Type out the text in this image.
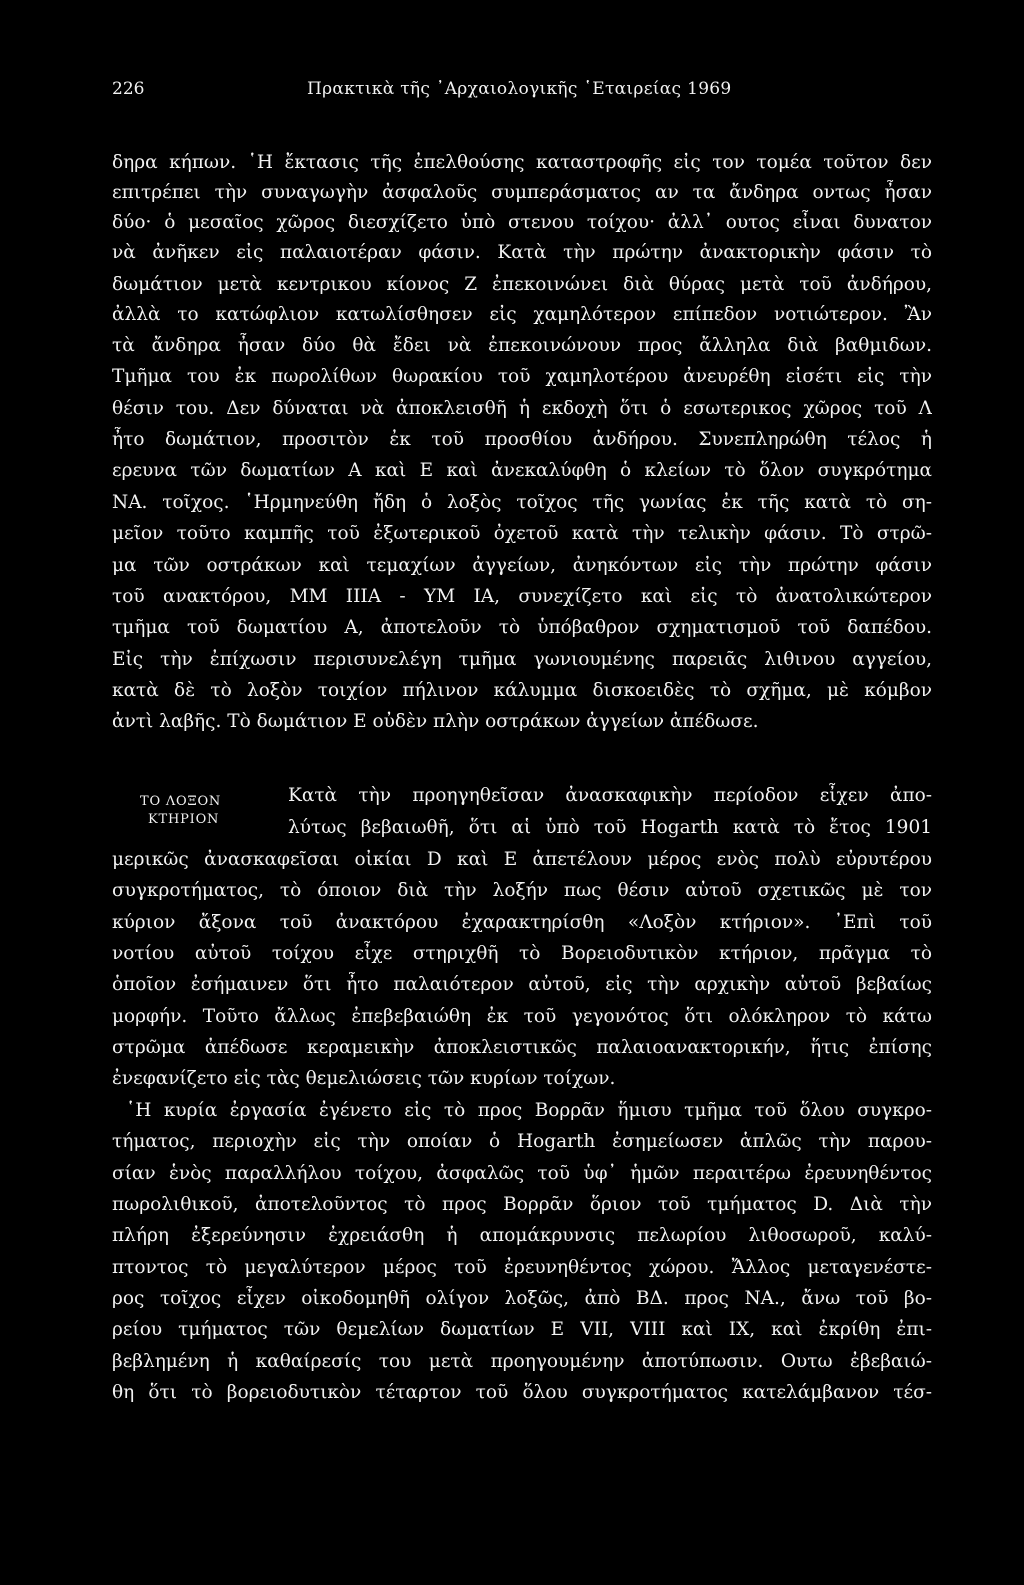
226	Πρακτικὰ τῆς ᾿Αρχαιολογικῆς ῾Εταιρείας 1969
δηρα κήπων. ῾Η ἔκτασις τῆς ἐπελθούσης καταστροφῆς εἰς τον τομέα τοῦτον δεν
επιτρέπει τὴν συναγωγὴν ἀσφαλοῦς συμπεράσματος αν τα ἄνδηρα οντως ἦσαν
δύο· ὁ μεσαῖος χῶρος διεσχίζετο ὑπὸ στενου τοίχου· ἀλλ᾿ ουτος εἶναι δυνατον
νὰ ἀνῆκεν εἰς παλαιοτέραν φάσιν. Κατὰ τὴν πρώτην ἀνακτορικὴν φάσιν τὸ
δωμάτιον μετὰ κεντρικου κίονος Ζ ἐπεκοινώνει διὰ θύρας μετὰ τοῦ ἀνδήρου,
ἀλλὰ το κατώφλιον κατωλίσθησεν εἰς χαμηλότερον επίπεδον νοτιώτερον. Ἂν
τὰ ἄνδηρα ἦσαν δύο θὰ ἔδει νὰ ἐπεκοινώνουν προς ἄλληλα διὰ βαθμιδων.
Τμῆμα του ἐκ πωρολίθων θωρακίου τοῦ χαμηλοτέρου ἀνευρέθη εἰσέτι εἰς τὴν
θέσιν του. Δεν δύναται νὰ ἀποκλεισθῆ ἡ εκδοχὴ ὅτι ὁ εσωτερικος χῶρος τοῦ Λ
ἦτο δωμάτιον, προσιτὸν ἐκ τοῦ προσθίου ἀνδήρου. Συνεπληρώθη τέλος ἡ
ερευνα τῶν δωματίων Α καὶ Ε καὶ ἀνεκαλύφθη ὁ κλείων τὸ ὅλον συγκρότημα
ΝΑ. τοῖχος. ῾Ηρμηνεύθη ἤδη ὁ λοξὸς τοῖχος τῆς γωνίας ἐκ τῆς κατὰ τὸ ση-
μεῖον τοῦτο καμπῆς τοῦ ἐξωτερικοῦ ὀχετοῦ κατὰ τὴν τελικὴν φάσιν. Τὸ στρῶ-
μα τῶν οστράκων καὶ τεμαχίων ἀγγείων, ἀνηκόντων εἰς τὴν πρώτην φάσιν
τοῦ ανακτόρου, ΜΜ ΙΙΙΑ - ΥΜ ΙΑ, συνεχίζετο καὶ εἰς τὸ ἀνατολικώτερον
τμῆμα τοῦ δωματίου Α, ἀποτελοῦν τὸ ὑπόβαθρον σχηματισμοῦ τοῦ δαπέδου.
Εἰς τὴν ἐπίχωσιν περισυνελέγη τμῆμα γωνιουμένης παρειᾶς λιθινου αγγείου,
κατὰ δὲ τὸ λοξὸν τοιχίον πήλινον κάλυμμα δισκοειδὲς τὸ σχῆμα, μὲ κόμβον
ἀντὶ λαβῆς. Τὸ δωμάτιον Ε οὐδὲν πλὴν οστράκων ἀγγείων ἀπέδωσε.
ΤΟ ΛΟΞΟΝ
ΚΤΗΡΙΟΝ
Κατὰ τὴν προηγηθεῖσαν ἀνασκαφικὴν περίοδον εἶχεν ἀπο-
λύτως βεβαιωθῆ, ὅτι αἱ ὑπὸ τοῦ Hogarth κατὰ τὸ ἔτος 1901
μερικῶς ἀνασκαφεῖσαι οἰκίαι D καὶ Ε ἀπετέλουν μέρος ενὸς πολὺ εὐρυτέρου
συγκροτήματος, τὸ όποιον διὰ τὴν λοξήν πως θέσιν αὐτοῦ σχετικῶς μὲ τον
κύριον ἄξονα τοῦ ἀνακτόρου ἐχαρακτηρίσθη «Λοξὸν κτήριον». ᾿Επὶ τοῦ
νοτίου αὐτοῦ τοίχου εἶχε στηριχθῆ τὸ Βορειοδυτικὸν κτήριον, πρᾶγμα τὸ
ὁποῖον ἐσήμαινεν ὅτι ἦτο παλαιότερον αὐτοῦ, εἰς τὴν αρχικὴν αὐτοῦ βεβαίως
μορφήν. Τοῦτο ἄλλως ἐπεβεβαιώθη ἐκ τοῦ γεγονότος ὅτι ολόκληρον τὸ κάτω
στρῶμα ἀπέδωσε κεραμεικὴν ἀποκλειστικῶς παλαιοανακτορικήν, ἥτις ἐπίσης
ἐνεφανίζετο εἰς τὰς θεμελιώσεις τῶν κυρίων τοίχων.
῾Η κυρία ἐργασία ἐγένετο εἰς τὸ προς Βορρᾶν ἥμισυ τμῆμα τοῦ ὅλου συγκρο-
τήματος, περιοχὴν εἰς τὴν οποίαν ὁ Hogarth ἐσημείωσεν ἁπλῶς τὴν παρου-
σίαν ἑνὸς παραλλήλου τοίχου, ἀσφαλῶς τοῦ ὑφ᾿ ἡμῶν περαιτέρω ἐρευνηθέντος
πωρολιθικοῦ, ἀποτελοῦντος τὸ προς Βορρᾶν ὅριον τοῦ τμήματος D. Διὰ τὴν
πλήρη ἐξερεύνησιν ἐχρειάσθη ἡ απομάκρυνσις πελωρίου λιθοσωροῦ, καλύ-
πτοντος τὸ μεγαλύτερον μέρος τοῦ ἐρευνηθέντος χώρου. Ἄλλος μεταγενέστε-
ρος τοῖχος εἶχεν οἰκοδομηθῆ ολίγον λοξῶς, ἀπὸ ΒΔ. προς ΝΑ., ἄνω τοῦ βο-
ρείου τμήματος τῶν θεμελίων δωματίων Ε VII, VIII καὶ IX, καὶ ἐκρίθη ἐπι-
βεβλημένη ἡ καθαίρεσίς του μετὰ προηγουμένην ἀποτύπωσιν. Ουτω ἐβεβαιώ-
θη ὅτι τὸ βορειοδυτικὸν τέταρτον τοῦ ὅλου συγκροτήματος κατελάμβανον τέσ-
